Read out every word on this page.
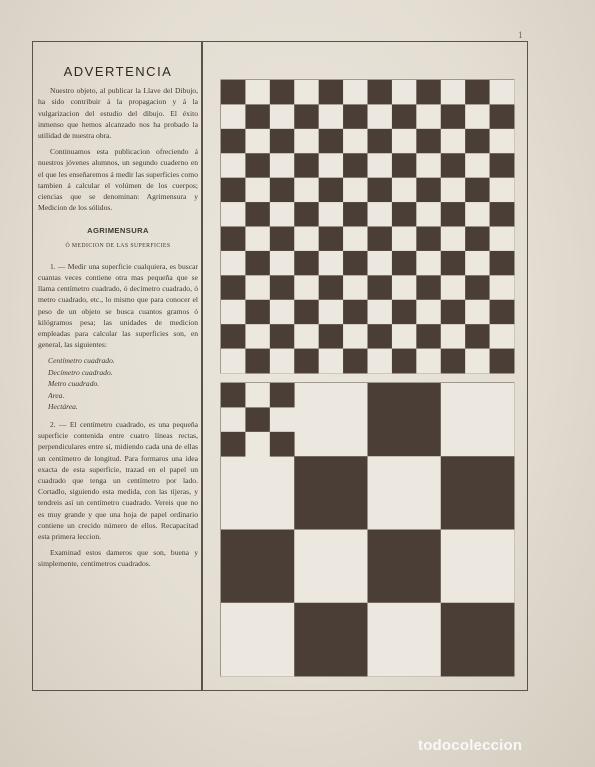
1
ADVERTENCIA

Nuestro objeto, al publicar la Llave del Dibujo, ha sido contribuir á la propagacion y á la vulgarizacion del estudio del dibujo. El éxito inmenso que hemos alcanzado nos ha probado la utilidad de nuestra obra.

Continuamos esta publicacion ofreciendo á nuestros jóvenes alumnos, un segundo cuaderno en el que les enseñaremos á medir las superficies como tambien á calcular el volúmen de los cuerpos; ciencias que se denominan: Agrimensura y Medicion de los sólidos.

AGRIMENSURA
Ó MEDICION DE LAS SUPERFICIES

1. — Medir una superficie cualquiera, es buscar cuantas veces contiene otra mas pequeña que se llama centímetro cuadrado, ó decímetro cuadrado, ó metro cuadrado, etc., lo mismo que para conocer el peso de un objeto se busca cuantos gramos ó kilógramos pesa; las unidades de medicion empleadas para calcular las superficies son, en general, las siguientes:

Centímetro cuadrado.
Decímetro cuadrado.
Metro cuadrado.
Area.
Hectárea.

2. — El centímetro cuadrado, es una pequeña superficie contenida entre cuatro líneas rectas, perpendiculares entre sí, midiendo cada una de ellas un centímetro de longitud. Para formaros una idea exacta de esta superficie, trazad en el papel un cuadrado que tenga un centímetro por lado. Cortadlo, siguiendo esta medida, con las tijeras, y tendreis así un centímetro cuadrado. Vereis que no es muy grande y que una hoja de papel ordinario contiene un crecido número de ellos. Recapacitad esta primera leccion.

Examinad estos dameros que son, buena y simplemente, centímetros cuadrados.

todocoleccion
